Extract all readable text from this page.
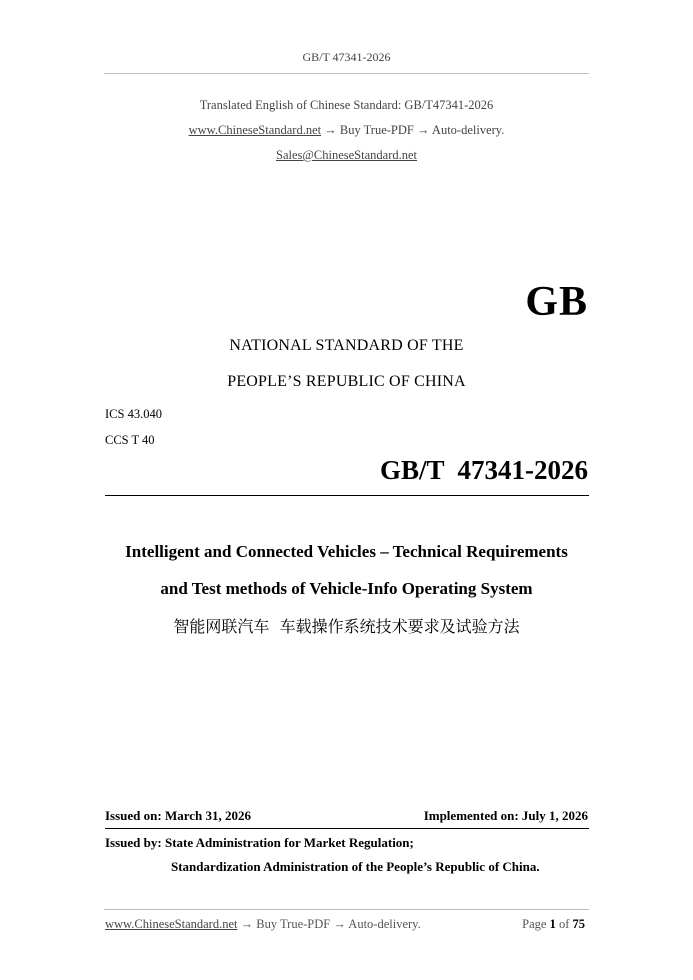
GB/T 47341-2026
Translated English of Chinese Standard: GB/T47341-2026
www.ChineseStandard.net → Buy True-PDF → Auto-delivery.
Sales@ChineseStandard.net
GB
NATIONAL STANDARD OF THE
PEOPLE’S REPUBLIC OF CHINA
ICS 43.040
CCS T 40
GB/T  47341-2026
Intelligent and Connected Vehicles – Technical Requirements
and Test methods of Vehicle-Info Operating System
智能网联汽车  车载操作系统技术要求及试验方法
Issued on: March 31, 2026	Implemented on: July 1, 2026
Issued by: State Administration for Market Regulation;
Standardization Administration of the People’s Republic of China.
www.ChineseStandard.net → Buy True-PDF → Auto-delivery.	Page 1 of 75
